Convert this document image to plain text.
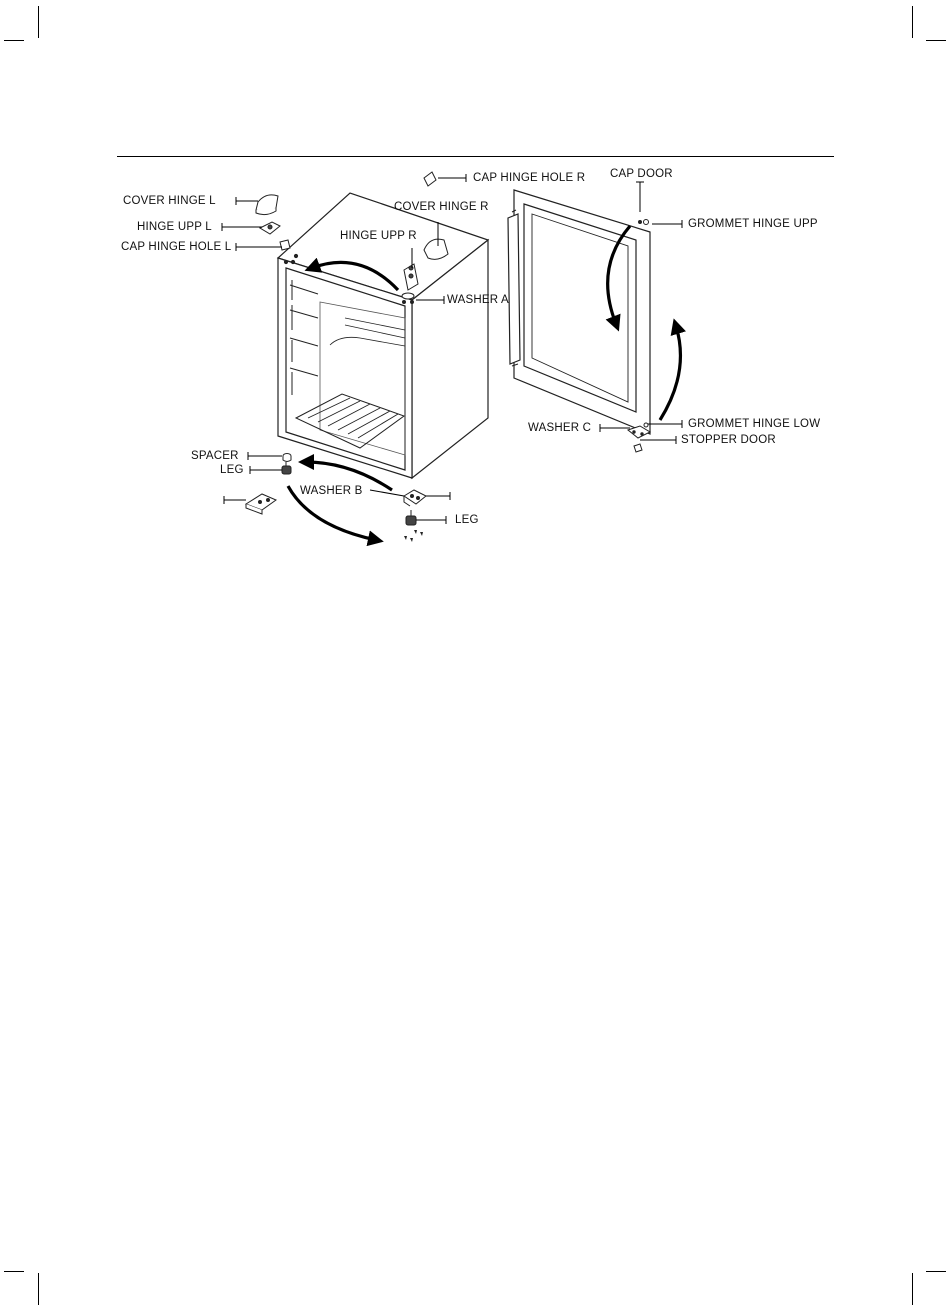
CAP HINGE HOLE R CAP DOOR
COVER HINGE L	COVER HINGE R
GROMMET HINGE UPP
HINGE UPP L
HINGE UPP R
CAP HINGE HOLE L
WASHER A
WASHER C	GROMMET HINGE LOW
STOPPER DOOR
SPACER
LEG
WASHER B
LEG
